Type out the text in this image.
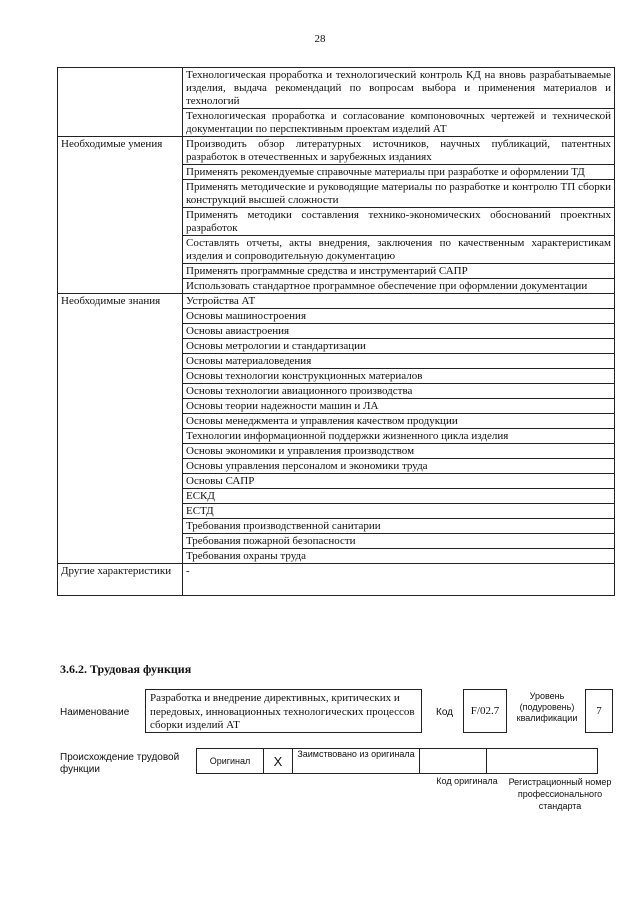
28
	Технологическая проработка и технологический контроль КД на вновь разрабатываемые изделия, выдача рекомендаций по вопросам выбора и применения материалов и технологий
	Технологическая проработка и согласование компоновочных чертежей и технической документации по перспективным проектам изделий АТ
Необходимые умения	Производить обзор литературных источников, научных публикаций, патентных разработок в отечественных и зарубежных изданиях
	Применять рекомендуемые справочные материалы при разработке и оформлении ТД
	Применять методические и руководящие материалы по разработке и контролю ТП сборки конструкций высшей сложности
	Применять методики составления технико-экономических обоснований проектных разработок
	Составлять отчеты, акты внедрения, заключения по качественным характеристикам изделия и сопроводительную документацию
	Применять программные средства и инструментарий САПР
	Использовать стандартное программное обеспечение при оформлении документации
Необходимые знания	Устройства АТ
	Основы машиностроения
	Основы авиастроения
	Основы метрологии и стандартизации
	Основы материаловедения
	Основы технологии конструкционных материалов
	Основы технологии авиационного производства
	Основы теории надежности машин и ЛА
	Основы менеджмента и управления качеством продукции
	Технологии информационной поддержки жизненного цикла изделия
	Основы экономики и управления производством
	Основы управления персоналом и экономики труда
	Основы САПР
	ЕСКД
	ЕСТД
	Требования производственной санитарии
	Требования пожарной безопасности
	Требования охраны труда
Другие характеристики	-
3.6.2. Трудовая функция
Наименование
Разработка и внедрение директивных, критических и передовых, инновационных технологических процессов сборки изделий АТ
Код	F/02.7
Уровень (подуровень) квалификации
7
Происхождение трудовой функции
Оригинал	X	Заимствовано из оригинала		
Код оригинала	Регистрационный номер профессионального стандарта
